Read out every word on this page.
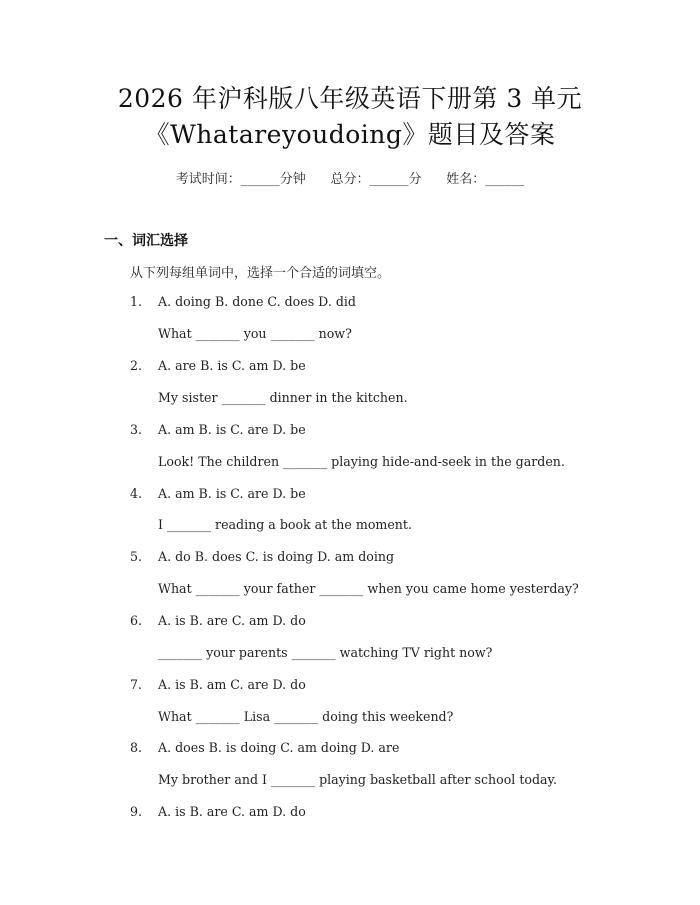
2026 年沪科版八年级英语下册第 3 单元
《Whatareyoudoing》题目及答案
考试时间：______分钟      总分：______分      姓名：______
一、词汇选择
从下列每组单词中，选择一个合适的词填空。
1. A. doing B. done C. does D. did
What _______ you _______ now?
2. A. are B. is C. am D. be
My sister _______ dinner in the kitchen.
3. A. am B. is C. are D. be
Look! The children _______ playing hide-and-seek in the garden.
4. A. am B. is C. are D. be
I _______ reading a book at the moment.
5. A. do B. does C. is doing D. am doing
What _______ your father _______ when you came home yesterday?
6. A. is B. are C. am D. do
_______ your parents _______ watching TV right now?
7. A. is B. am C. are D. do
What _______ Lisa _______ doing this weekend?
8. A. does B. is doing C. am doing D. are
My brother and I _______ playing basketball after school today.
9. A. is B. are C. am D. do
